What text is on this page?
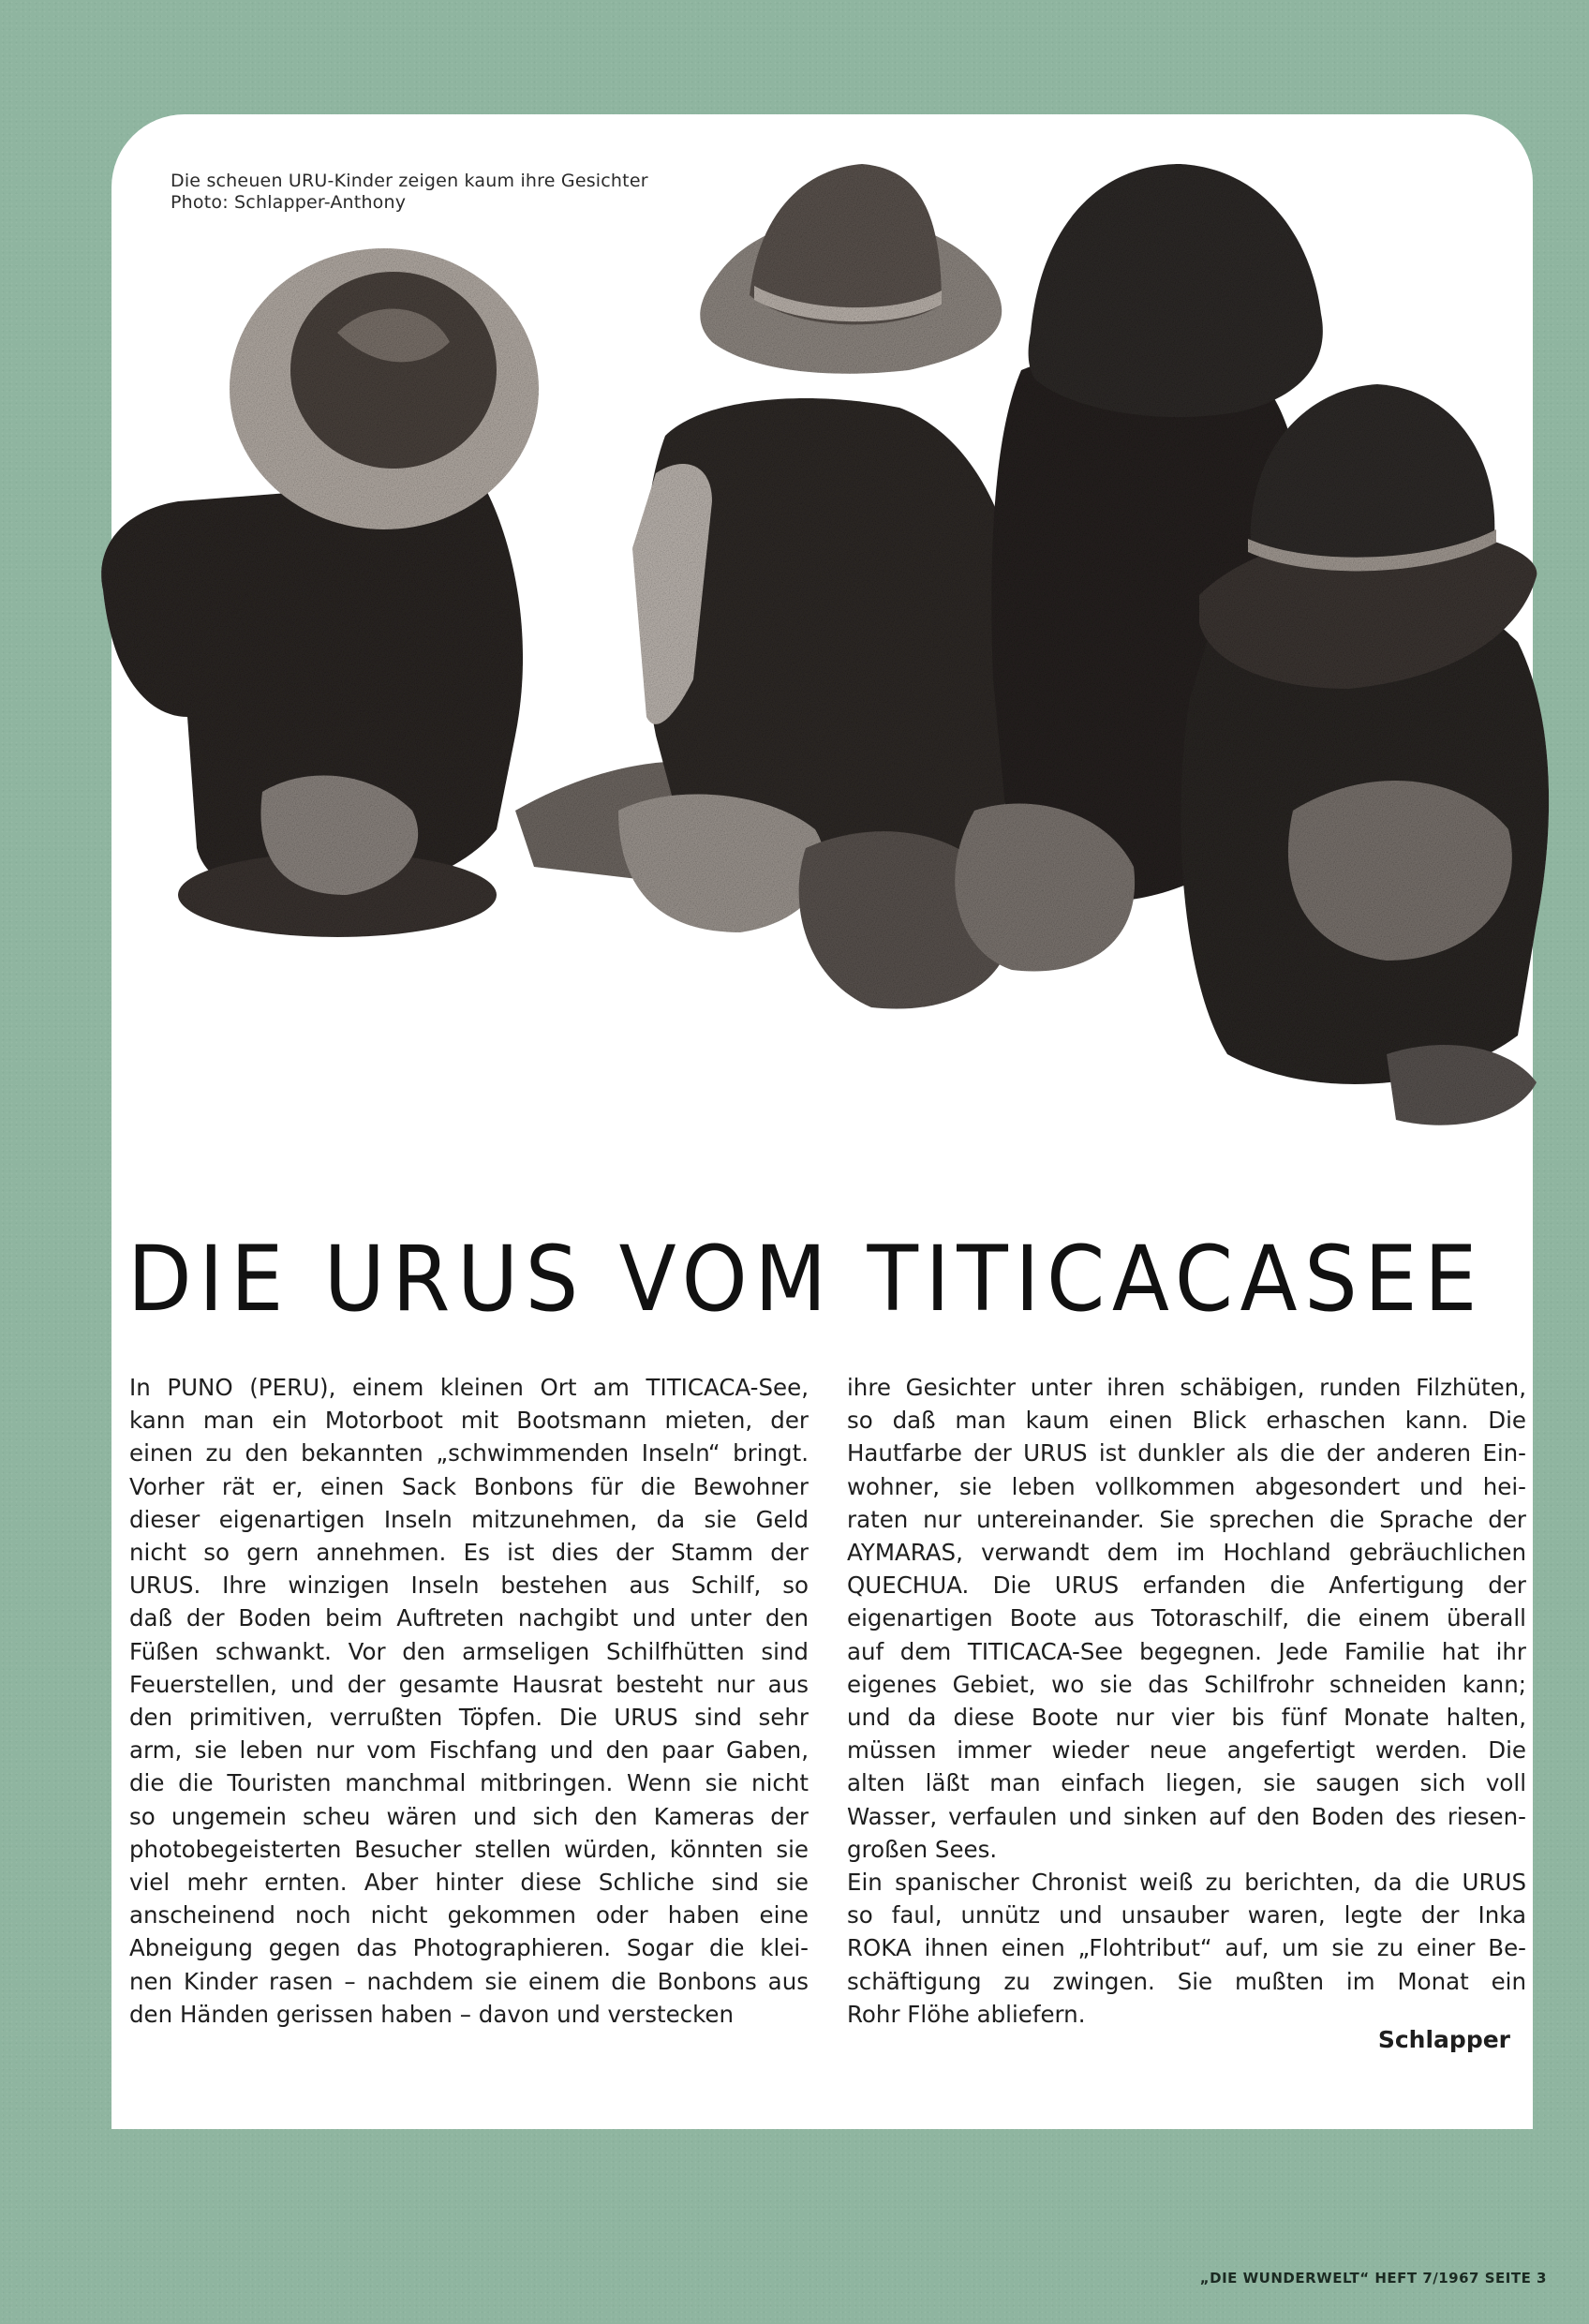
Die scheuen URU-Kinder zeigen kaum ihre Gesichter
Photo: Schlapper-Anthony
DIE URUS VOM TITICACASEE
In PUNO (PERU), einem kleinen Ort am TITICACA-See,
kann man ein Motorboot mit Bootsmann mieten, der
einen zu den bekannten „schwimmenden Inseln“ bringt.
Vorher rät er, einen Sack Bonbons für die Bewohner
dieser eigenartigen Inseln mitzunehmen, da sie Geld
nicht so gern annehmen. Es ist dies der Stamm der
URUS. Ihre winzigen Inseln bestehen aus Schilf, so
daß der Boden beim Auftreten nachgibt und unter den
Füßen schwankt. Vor den armseligen Schilfhütten sind
Feuerstellen, und der gesamte Hausrat besteht nur aus
den primitiven, verrußten Töpfen. Die URUS sind sehr
arm, sie leben nur vom Fischfang und den paar Gaben,
die die Touristen manchmal mitbringen. Wenn sie nicht
so ungemein scheu wären und sich den Kameras der
photobegeisterten Besucher stellen würden, könnten sie
viel mehr ernten. Aber hinter diese Schliche sind sie
anscheinend noch nicht gekommen oder haben eine
Abneigung gegen das Photographieren. Sogar die klei-
nen Kinder rasen – nachdem sie einem die Bonbons aus
den Händen gerissen haben – davon und verstecken
ihre Gesichter unter ihren schäbigen, runden Filzhüten,
so daß man kaum einen Blick erhaschen kann. Die
Hautfarbe der URUS ist dunkler als die der anderen Ein-
wohner, sie leben vollkommen abgesondert und hei-
raten nur untereinander. Sie sprechen die Sprache der
AYMARAS, verwandt dem im Hochland gebräuchlichen
QUECHUA. Die URUS erfanden die Anfertigung der
eigenartigen Boote aus Totoraschilf, die einem überall
auf dem TITICACA-See begegnen. Jede Familie hat ihr
eigenes Gebiet, wo sie das Schilfrohr schneiden kann;
und da diese Boote nur vier bis fünf Monate halten,
müssen immer wieder neue angefertigt werden. Die
alten läßt man einfach liegen, sie saugen sich voll
Wasser, verfaulen und sinken auf den Boden des riesen-
großen Sees.
Ein spanischer Chronist weiß zu berichten, da die URUS
so faul, unnütz und unsauber waren, legte der Inka
ROKA ihnen einen „Flohtribut“ auf, um sie zu einer Be-
schäftigung zu zwingen. Sie mußten im Monat ein
Rohr Flöhe abliefern.
Schlapper
„DIE WUNDERWELT“ HEFT 7/1967 SEITE 3
